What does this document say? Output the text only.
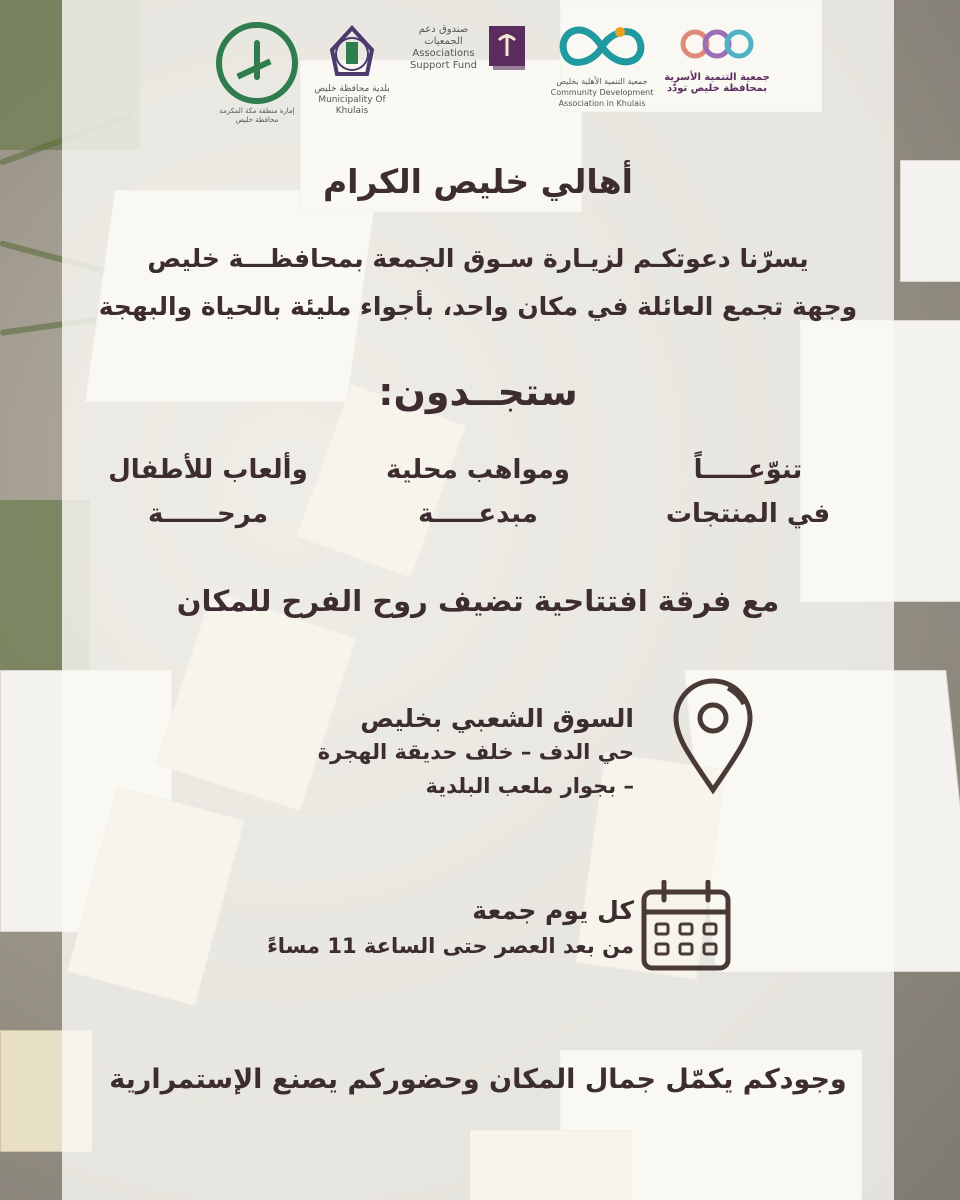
جمعية التنمية الأسرية
بمحافظة خليص تودّد
جمعية التنمية الأهلية بخليص
Community Development Association in Khulais
صندوق دعم
الجمعيات
Associations
Support Fund
بلدية محافظة خليص
Municipality Of Khulais
إمارة منطقة مكة المكرمة
محافظة خليص
أهالي خليص الكرام
يسرّنا دعوتكـم لزيـارة سـوق الجمعة بمحافظـــة خليص
وجهة تجمع العائلة في مكان واحد، بأجواء مليئة بالحياة والبهجة
ستجــدون:
تنوّعـــــاً
في المنتجات
ومواهب محلية
مبدعـــــة
وألعاب للأطفال
مرحــــــة
مع فرقة افتتاحية تضيف روح الفرح للمكان
السوق الشعبي بخليص
حي الدف – خلف حديقة الهجرة
– بجوار ملعب البلدية
كل يوم جمعة
من بعد العصر حتى الساعة 11 مساءً
وجودكم يكمّل جمال المكان وحضوركم يصنع الإستمرارية
